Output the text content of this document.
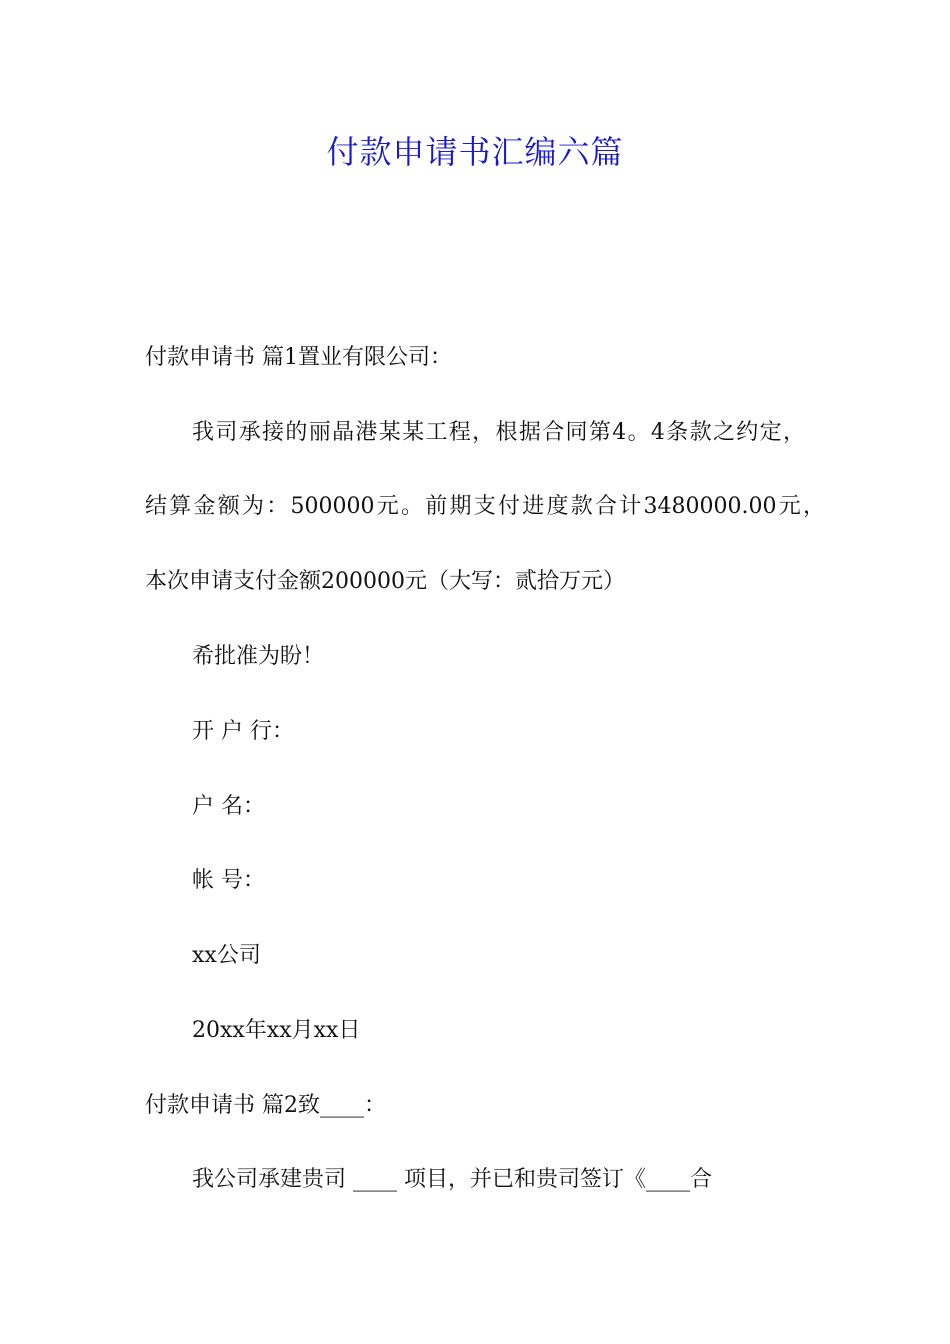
付款申请书汇编六篇
付款申请书 篇1置业有限公司：
我司承接的丽晶港某某工程，根据合同第4。4条款之约定，
结算金额为：500000元。前期支付进度款合计3480000.00元，
本次申请支付金额200000元（大写：贰拾万元）
希批准为盼！
开 户 行：
户 名：
帐 号：
xx公司
20xx年xx月xx日
付款申请书 篇2致____：
我公司承建贵司 ____ 项目，并已和贵司签订《____合
